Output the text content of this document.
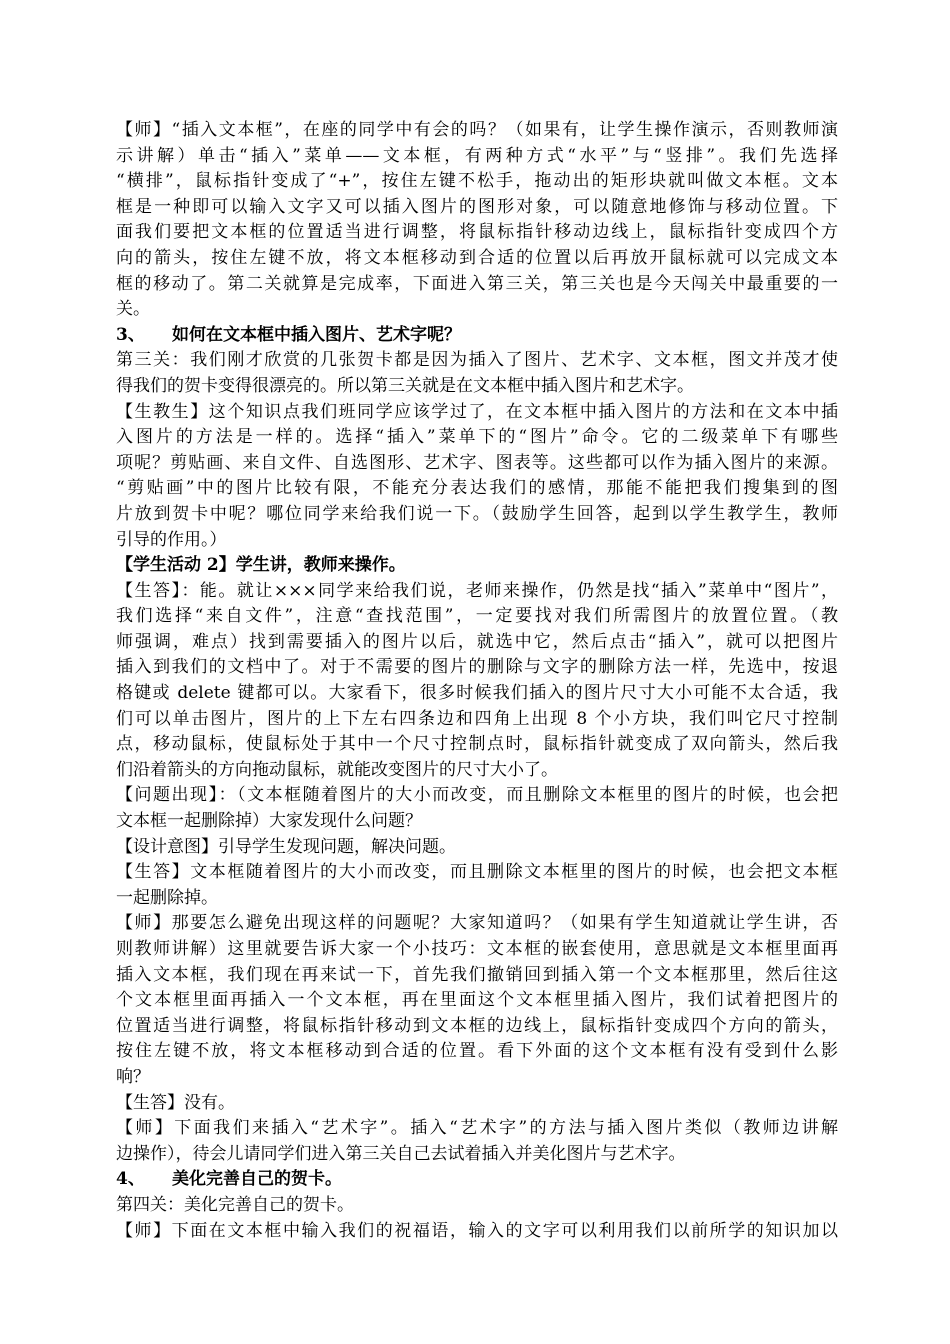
【师】“插入文本框”，在座的同学中有会的吗？（如果有，让学生操作演示，否则教师演
示讲解）单击“插入”菜单——文本框，有两种方式“水平”与“竖排”。我们先选择
“横排”，鼠标指针变成了“+”，按住左键不松手，拖动出的矩形块就叫做文本框。文本
框是一种即可以输入文字又可以插入图片的图形对象，可以随意地修饰与移动位置。下
面我们要把文本框的位置适当进行调整，将鼠标指针移动边线上，鼠标指针变成四个方
向的箭头，按住左键不放，将文本框移动到合适的位置以后再放开鼠标就可以完成文本
框的移动了。第二关就算是完成率，下面进入第三关，第三关也是今天闯关中最重要的一
关。
3、 如何在文本框中插入图片、艺术字呢？
第三关：我们刚才欣赏的几张贺卡都是因为插入了图片、艺术字、文本框，图文并茂才使
得我们的贺卡变得很漂亮的。所以第三关就是在文本框中插入图片和艺术字。
【生教生】这个知识点我们班同学应该学过了，在文本框中插入图片的方法和在文本中插
入图片的方法是一样的。选择“插入”菜单下的“图片”命令。它的二级菜单下有哪些
项呢？剪贴画、来自文件、自选图形、艺术字、图表等。这些都可以作为插入图片的来源。
“剪贴画”中的图片比较有限，不能充分表达我们的感情，那能不能把我们搜集到的图
片放到贺卡中呢？哪位同学来给我们说一下。（鼓励学生回答，起到以学生教学生，教师
引导的作用。）
【学生活动 2】学生讲，教师来操作。
【生答】：能。就让×××同学来给我们说，老师来操作，仍然是找“插入”菜单中“图片”，
我们选择“来自文件”，注意“查找范围”，一定要找对我们所需图片的放置位置。（教
师强调，难点）找到需要插入的图片以后，就选中它，然后点击“插入”，就可以把图片
插入到我们的文档中了。对于不需要的图片的删除与文字的删除方法一样，先选中，按退
格键或 delete 键都可以。大家看下，很多时候我们插入的图片尺寸大小可能不太合适，我
们可以单击图片，图片的上下左右四条边和四角上出现 8 个小方块，我们叫它尺寸控制
点，移动鼠标，使鼠标处于其中一个尺寸控制点时，鼠标指针就变成了双向箭头，然后我
们沿着箭头的方向拖动鼠标，就能改变图片的尺寸大小了。
【问题出现】：（文本框随着图片的大小而改变，而且删除文本框里的图片的时候，也会把
文本框一起删除掉）大家发现什么问题？
【设计意图】引导学生发现问题，解决问题。
【生答】文本框随着图片的大小而改变，而且删除文本框里的图片的时候，也会把文本框
一起删除掉。
【师】那要怎么避免出现这样的问题呢？大家知道吗？（如果有学生知道就让学生讲，否
则教师讲解）这里就要告诉大家一个小技巧：文本框的嵌套使用，意思就是文本框里面再
插入文本框，我们现在再来试一下，首先我们撤销回到插入第一个文本框那里，然后往这
个文本框里面再插入一个文本框，再在里面这个文本框里插入图片，我们试着把图片的
位置适当进行调整，将鼠标指针移动到文本框的边线上，鼠标指针变成四个方向的箭头，
按住左键不放，将文本框移动到合适的位置。看下外面的这个文本框有没有受到什么影
响？
【生答】没有。
【师】下面我们来插入“艺术字”。插入“艺术字”的方法与插入图片类似（教师边讲解
边操作），待会儿请同学们进入第三关自己去试着插入并美化图片与艺术字。
4、 美化完善自己的贺卡。
第四关：美化完善自己的贺卡。
【师】下面在文本框中输入我们的祝福语，输入的文字可以利用我们以前所学的知识加以
